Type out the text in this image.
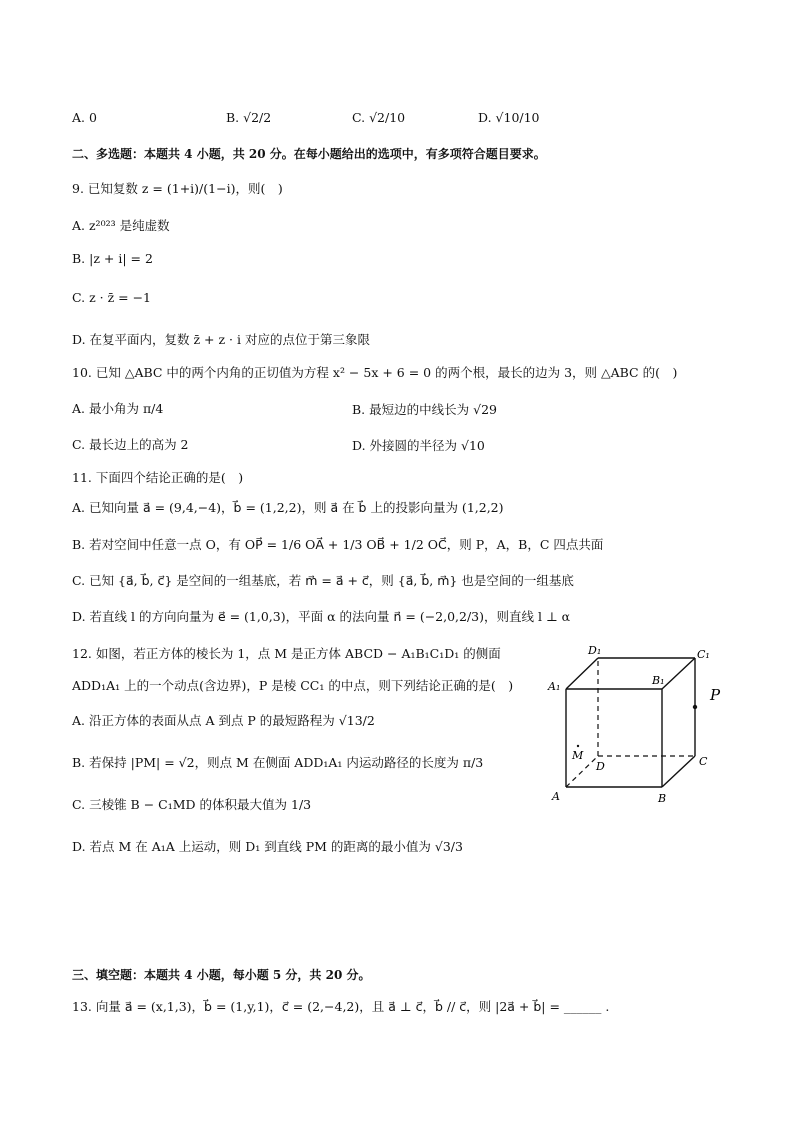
A. 0	B. √2/2	C. √2/10	D. √10/10
二、多选题：本题共 4 小题，共 20 分。在每小题给出的选项中，有多项符合题目要求。
9. 已知复数 z = (1+i)/(1−i)，则(　)
A. z²⁰²³ 是纯虚数
B. |z + i| = 2
C. z · z̄ = −1
D. 在复平面内，复数 z̄ + z · i 对应的点位于第三象限
10. 已知 △ABC 中的两个内角的正切值为方程 x² − 5x + 6 = 0 的两个根，最长的边为 3，则 △ABC 的(　)
A. 最小角为 π/4	B. 最短边的中线长为 √29
C. 最长边上的高为 2	D. 外接圆的半径为 √10
11. 下面四个结论正确的是(　)
A. 已知向量 a⃗ = (9,4,−4)，b⃗ = (1,2,2)，则 a⃗ 在 b⃗ 上的投影向量为 (1,2,2)
B. 若对空间中任意一点 O，有 OP⃗ = 1/6 OA⃗ + 1/3 OB⃗ + 1/2 OC⃗，则 P，A，B，C 四点共面
C. 已知 {a⃗, b⃗, c⃗} 是空间的一组基底，若 m⃗ = a⃗ + c⃗，则 {a⃗, b⃗, m⃗} 也是空间的一组基底
D. 若直线 l 的方向向量为 e⃗ = (1,0,3)，平面 α 的法向量 n⃗ = (−2,0,2/3)，则直线 l ⊥ α
12. 如图，若正方体的棱长为 1，点 M 是正方体 ABCD − A₁B₁C₁D₁ 的侧面
ADD₁A₁ 上的一个动点(含边界)，P 是棱 CC₁ 的中点，则下列结论正确的是(　)
A. 沿正方体的表面从点 A 到点 P 的最短路程为 √13/2
B. 若保持 |PM| = √2，则点 M 在侧面 ADD₁A₁ 内运动路径的长度为 π/3
C. 三棱锥 B − C₁MD 的体积最大值为 1/3
D. 若点 M 在 A₁A 上运动，则 D₁ 到直线 PM 的距离的最小值为 √3/3
A	B
C
D
A₁	B₁
C₁
D₁
P
M
三、填空题：本题共 4 小题，每小题 5 分，共 20 分。
13. 向量 a⃗ = (x,1,3)，b⃗ = (1,y,1)，c⃗ = (2,−4,2)，且 a⃗ ⊥ c⃗，b⃗ // c⃗，则 |2a⃗ + b⃗| = ______ .
